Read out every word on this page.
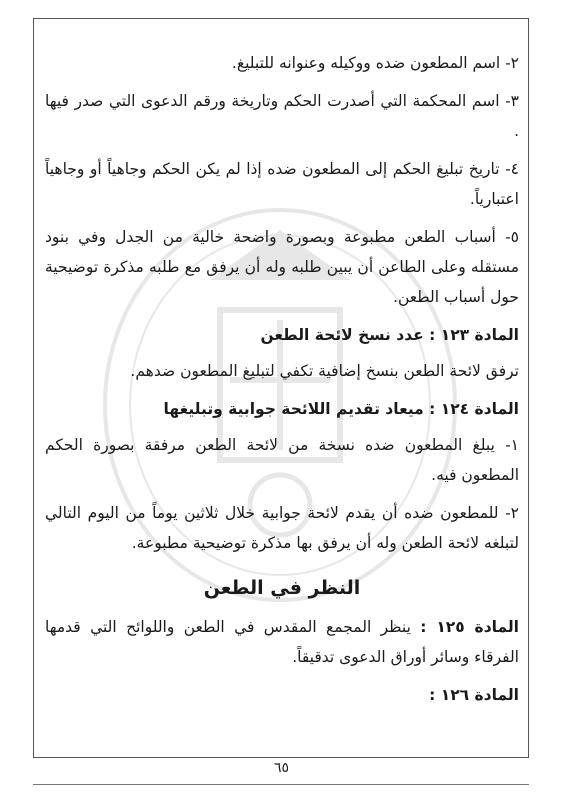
٢- اسم المطعون ضده ووكيله وعنوانه للتبليغ.

٣- اسم المحكمة التي أصدرت الحكم وتاريخة ورقم الدعوى التي صدر فيها .

٤- تاريخ تبليغ الحكم إلى المطعون ضده إذا لم يكن الحكم وجاهياً أو وجاهياً اعتبارياً.

٥- أسباب الطعن مطبوعة وبصورة واضحة خالية من الجدل وفي بنود مستقله وعلى الطاعن أن يبين طلبه وله أن يرفق مع طلبه مذكرة توضيحية حول أسباب الطعن.

المادة ١٢٣ : عدد نسخ لائحة الطعن

ترفق لائحة الطعن بنسخ إضافية تكفي لتبليغ المطعون ضدهم.

المادة ١٢٤ : ميعاد تقديم اللائحة جوابية وتبليغها

١- يبلغ المطعون ضده نسخة من لائحة الطعن مرفقة بصورة الحكم المطعون فيه.

٢- للمطعون ضده أن يقدم لائحة جوابية خلال ثلاثين يوماً من اليوم التالي لتبلغه لائحة الطعن وله أن يرفق بها مذكرة توضيحية مطبوعة.

النظر في الطعن

المادة ١٢٥ : ينظر المجمع المقدس في الطعن واللوائح التي قدمها الفرقاء وسائر أوراق الدعوى تدقيقاً.

المادة ١٢٦ :

٦٥
